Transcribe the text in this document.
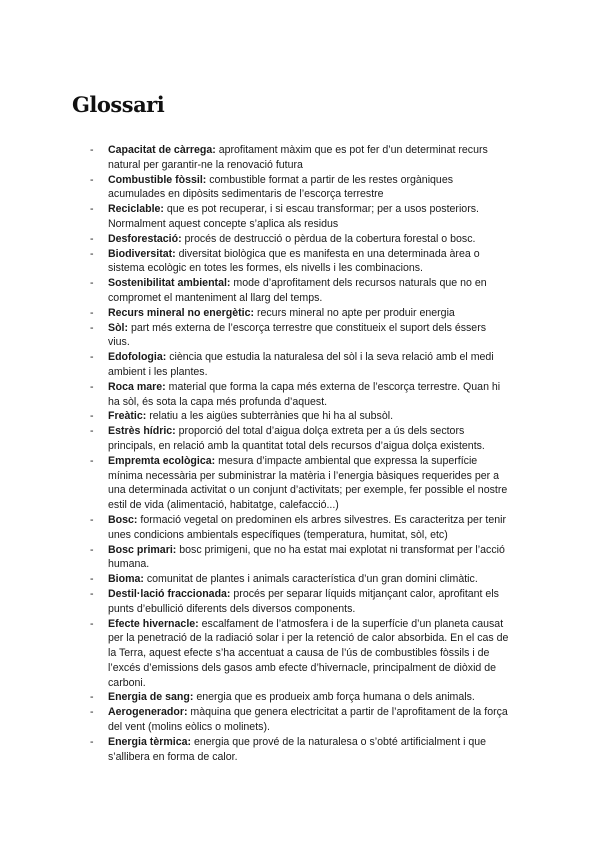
Glossari
- Capacitat de càrrega: aprofitament màxim que es pot fer d’un determinat recurs natural per garantir-ne la renovació futura
- Combustible fòssil: combustible format a partir de les restes orgàniques acumulades en dipòsits sedimentaris de l’escorça terrestre
- Reciclable: que es pot recuperar, i si escau transformar; per a usos posteriors. Normalment aquest concepte s’aplica als residus
- Desforestació: procés de destrucció o pèrdua de la cobertura forestal o bosc.
- Biodiversitat: diversitat biològica que es manifesta en una determinada àrea o sistema ecològic en totes les formes, els nivells i les combinacions.
- Sostenibilitat ambiental: mode d’aprofitament dels recursos naturals que no en compromet el manteniment al llarg del temps.
- Recurs mineral no energètic: recurs mineral no apte per produir energia
- Sòl: part més externa de l’escorça terrestre que constitueix el suport dels éssers vius.
- Edofologia: ciència que estudia la naturalesa del sòl i la seva relació amb el medi ambient i les plantes.
- Roca mare: material que forma la capa més externa de l’escorça terrestre. Quan hi ha sòl, és sota la capa més profunda d’aquest.
- Freàtic: relatiu a les aigües subterrànies que hi ha al subsòl.
- Estrès hídric: proporció del total d’aigua dolça extreta per a ús dels sectors principals, en relació amb la quantitat total dels recursos d’aigua dolça existents.
- Empremta ecològica: mesura d’impacte ambiental que expressa la superfície mínima necessària per subministrar la matèria i l’energia bàsiques requerides per a una determinada activitat o un conjunt d’activitats; per exemple, fer possible el nostre estil de vida (alimentació, habitatge, calefacció...)
- Bosc: formació vegetal on predominen els arbres silvestres. Es caracteritza per tenir unes condicions ambientals específiques (temperatura, humitat, sòl, etc)
- Bosc primari: bosc primigeni, que no ha estat mai explotat ni transformat per l’acció humana.
- Bioma: comunitat de plantes i animals característica d’un gran domini climàtic.
- Destil·lació fraccionada: procés per separar líquids mitjançant calor, aprofitant els punts d’ebullició diferents dels diversos components.
- Efecte hivernacle: escalfament de l’atmosfera i de la superfície d’un planeta causat per la penetració de la radiació solar i per la retenció de calor absorbida. En el cas de la Terra, aquest efecte s’ha accentuat a causa de l’ús de combustibles fòssils i de l’excés d’emissions dels gasos amb efecte d’hivernacle, principalment de diòxid de carboni.
- Energia de sang: energia que es produeix amb força humana o dels animals.
- Aerogenerador: màquina que genera electricitat a partir de l’aprofitament de la força del vent (molins eòlics o molinets).
- Energia tèrmica: energia que prové de la naturalesa o s’obté artificialment i que s’allibera en forma de calor.
